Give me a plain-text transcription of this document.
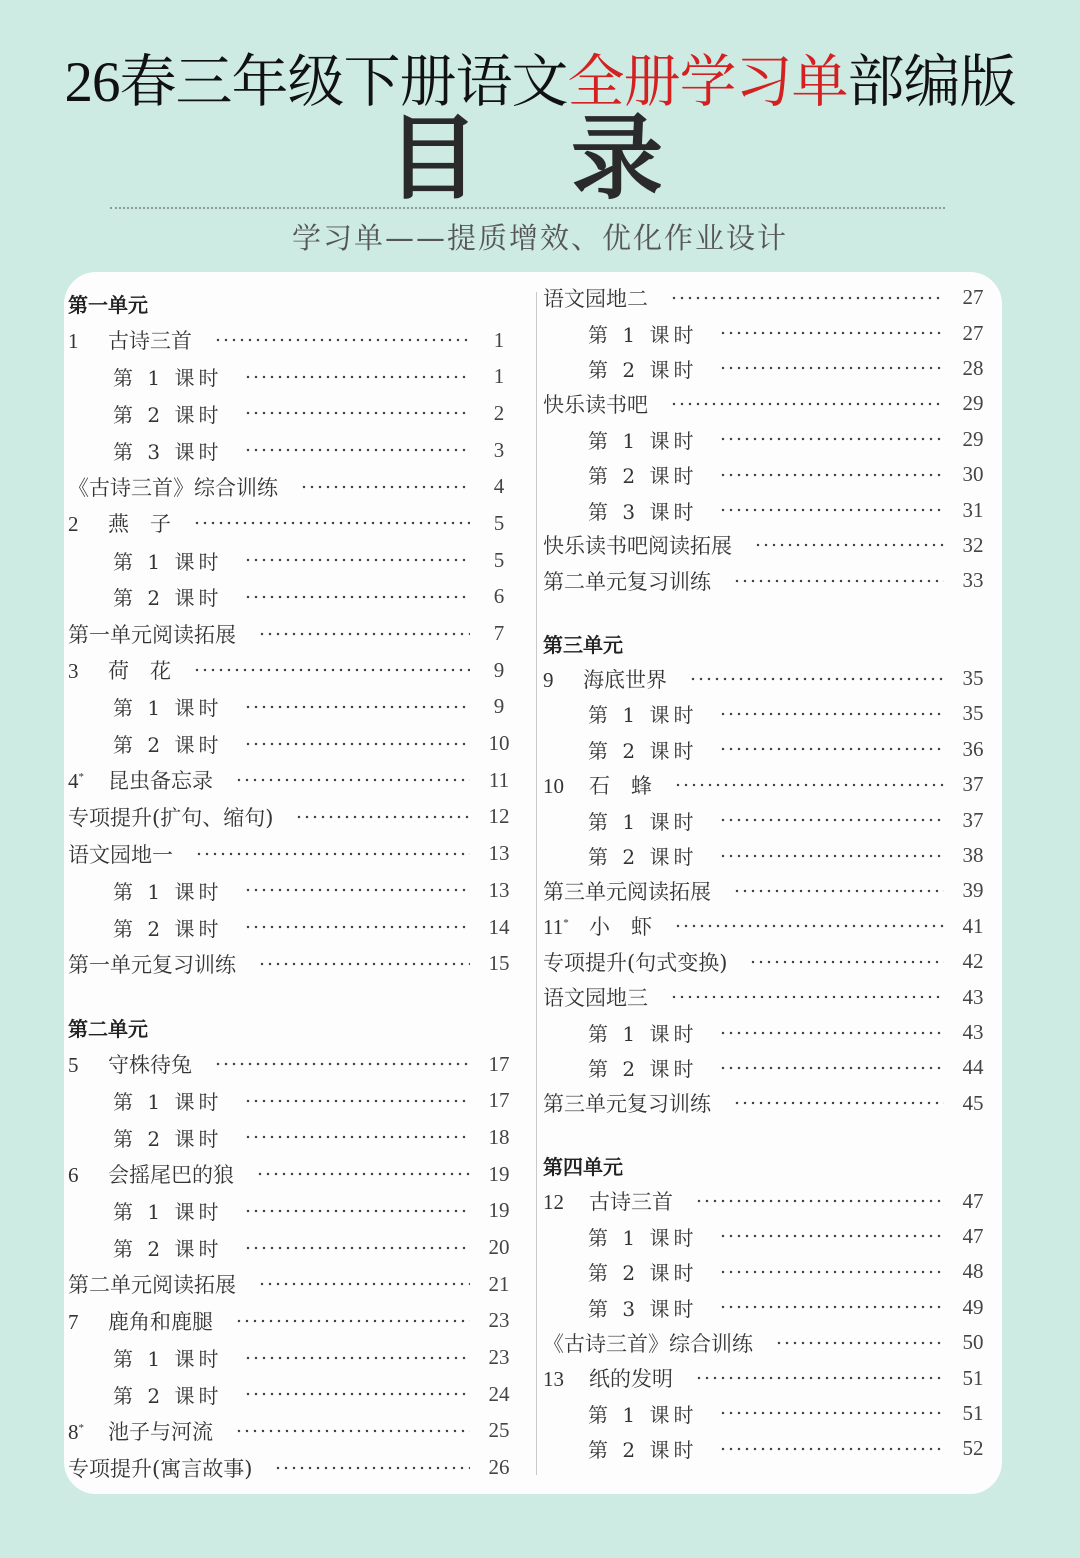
26春三年级下册语文全册学习单部编版
目 录
学习单——提质增效、优化作业设计
第一单元
1 古诗三首	1
第 1 课时	1
第 2 课时	2
第 3 课时	3
《古诗三首》综合训练	4
2 燕　子	5
第 1 课时	5
第 2 课时	6
第一单元阅读拓展	7
3 荷　花	9
第 1 课时	9
第 2 课时	10
4* 昆虫备忘录	11
专项提升(扩句、缩句)	12
语文园地一	13
第 1 课时	13
第 2 课时	14
第一单元复习训练	15
第二单元
5 守株待兔	17
第 1 课时	17
第 2 课时	18
6 会摇尾巴的狼	19
第 1 课时	19
第 2 课时	20
第二单元阅读拓展	21
7 鹿角和鹿腿	23
第 1 课时	23
第 2 课时	24
8* 池子与河流	25
专项提升(寓言故事)	26
语文园地二	27
第 1 课时	27
第 2 课时	28
快乐读书吧	29
第 1 课时	29
第 2 课时	30
第 3 课时	31
快乐读书吧阅读拓展	32
第二单元复习训练	33
第三单元
9 海底世界	35
第 1 课时	35
第 2 课时	36
10 石　蜂	37
第 1 课时	37
第 2 课时	38
第三单元阅读拓展	39
11* 小　虾	41
专项提升(句式变换)	42
语文园地三	43
第 1 课时	43
第 2 课时	44
第三单元复习训练	45
第四单元
12 古诗三首	47
第 1 课时	47
第 2 课时	48
第 3 课时	49
《古诗三首》综合训练	50
13 纸的发明	51
第 1 课时	51
第 2 课时	52
